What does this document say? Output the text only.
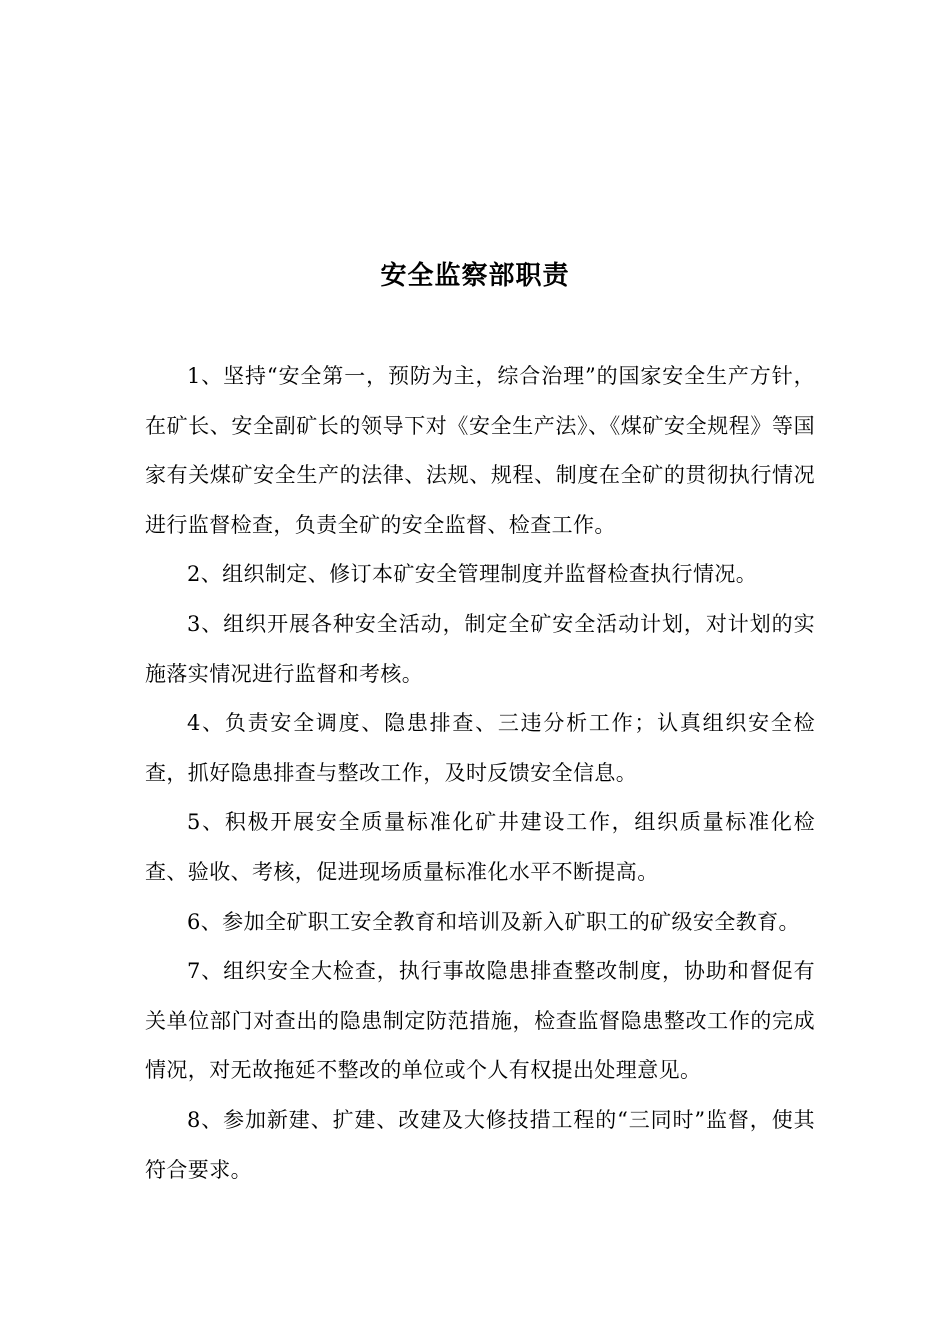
安全监察部职责

1、坚持“安全第一，预防为主，综合治理”的国家安全生产方针，在矿长、安全副矿长的领导下对《安全生产法》、《煤矿安全规程》等国家有关煤矿安全生产的法律、法规、规程、制度在全矿的贯彻执行情况进行监督检查，负责全矿的安全监督、检查工作。

2、组织制定、修订本矿安全管理制度并监督检查执行情况。

3、组织开展各种安全活动，制定全矿安全活动计划，对计划的实施落实情况进行监督和考核。

4、负责安全调度、隐患排查、三违分析工作；认真组织安全检查，抓好隐患排查与整改工作，及时反馈安全信息。

5、积极开展安全质量标准化矿井建设工作，组织质量标准化检查、验收、考核，促进现场质量标准化水平不断提高。

6、参加全矿职工安全教育和培训及新入矿职工的矿级安全教育。

7、组织安全大检查，执行事故隐患排查整改制度，协助和督促有关单位部门对查出的隐患制定防范措施，检查监督隐患整改工作的完成情况，对无故拖延不整改的单位或个人有权提出处理意见。

8、参加新建、扩建、改建及大修技措工程的“三同时”监督，使其符合要求。
